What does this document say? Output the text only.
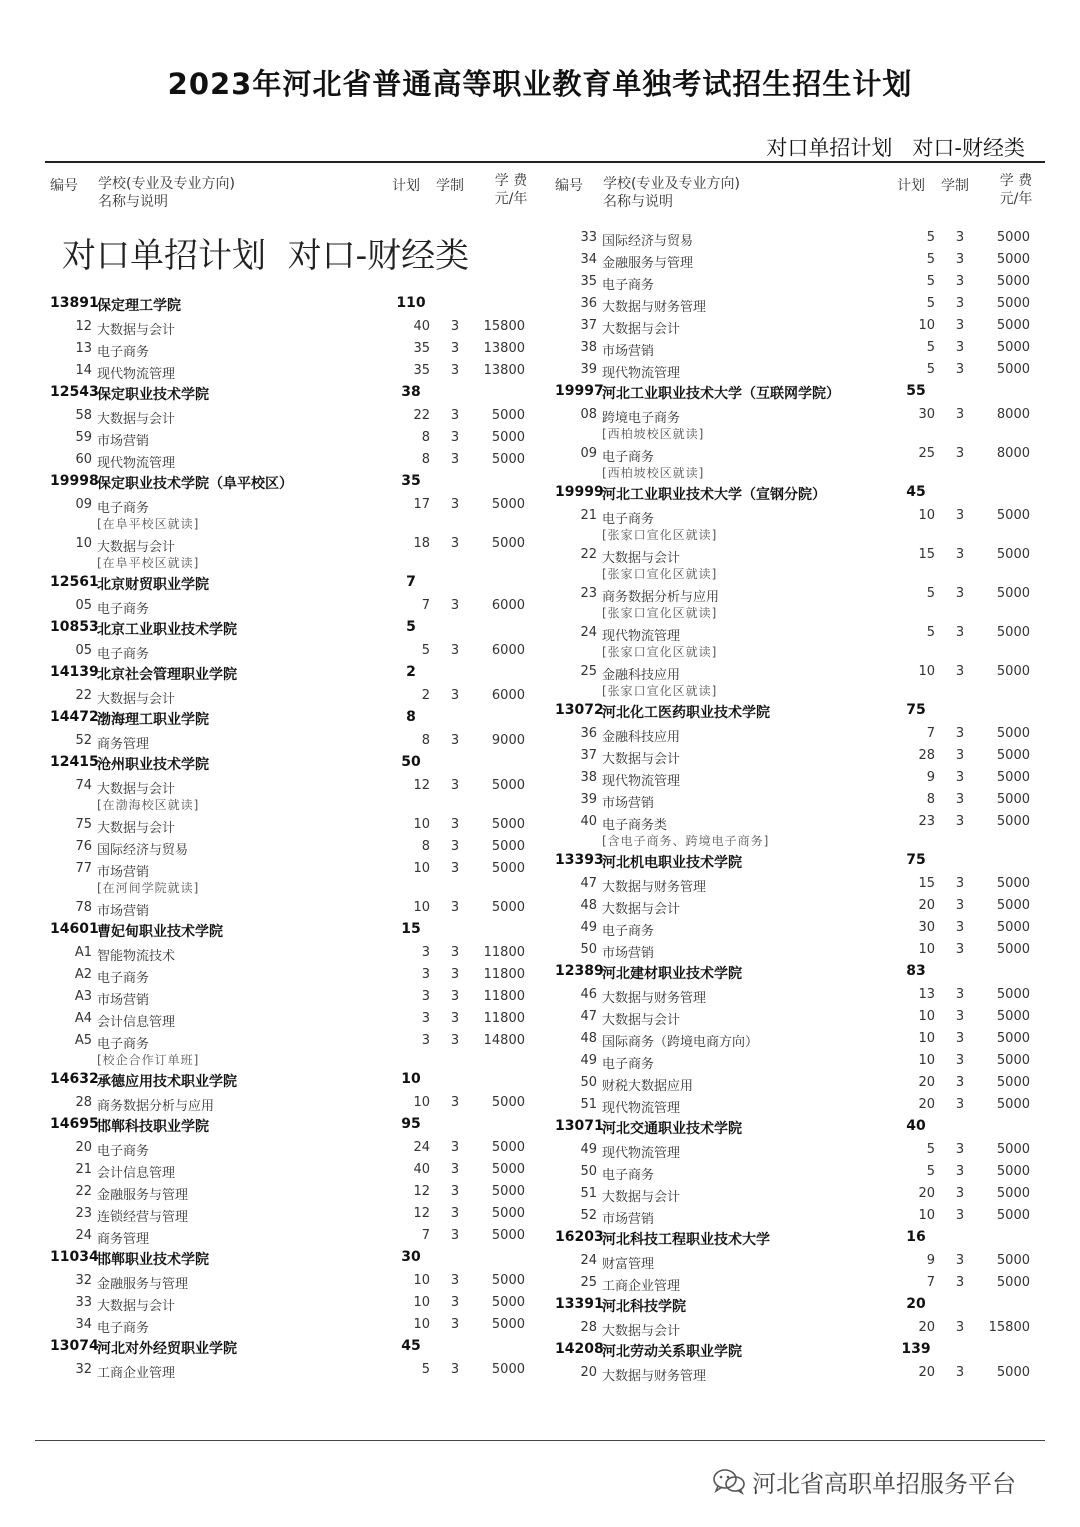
2023年河北省普通高等职业教育单独考试招生招生计划
对口单招计划   对口-财经类
编号 学校(专业及专业方向)
名称与说明
计划 学制	学 费
元/年
对口单招计划  对口-财经类
13891
保定理工学院	110
12 大数据与会计	40 3	15800
13 电子商务	35 3	13800
14 现代物流管理	35 3	13800
12543
保定职业技术学院	38
58 大数据与会计	22 3	5000
59 市场营销	8 3	5000
60 现代物流管理	8 3	5000
19998
保定职业技术学院（阜平校区）	35
09 电子商务	17 3	5000
[在阜平校区就读]
10 大数据与会计	18 3	5000
[在阜平校区就读]
12561
北京财贸职业学院	7
05 电子商务	7 3	6000
10853
北京工业职业技术学院	5
05 电子商务	5 3	6000
14139
北京社会管理职业学院	2
22 大数据与会计	2 3	6000
14472
渤海理工职业学院	8
52 商务管理	8 3	9000
12415
沧州职业技术学院	50
74 大数据与会计	12 3	5000
[在渤海校区就读]
75 大数据与会计	10 3	5000
76 国际经济与贸易	8 3	5000
77 市场营销	10 3	5000
[在河间学院就读]
78 市场营销	10 3	5000
14601
曹妃甸职业技术学院	15
A1 智能物流技术	3 3	11800
A2 电子商务	3 3	11800
A3 市场营销	3 3	11800
A4 会计信息管理	3 3	11800
A5 电子商务	3 3	14800
[校企合作订单班]
14632
承德应用技术职业学院	10
28 商务数据分析与应用	10 3	5000
14695
邯郸科技职业学院	95
20 电子商务	24 3	5000
21 会计信息管理	40 3	5000
22 金融服务与管理	12 3	5000
23 连锁经营与管理	12 3	5000
24 商务管理	7 3	5000
11034
邯郸职业技术学院	30
32 金融服务与管理	10 3	5000
33 大数据与会计	10 3	5000
34 电子商务	10 3	5000
13074
河北对外经贸职业学院	45
32 工商企业管理	5 3	5000
编号 学校(专业及专业方向)
名称与说明
计划 学制	学 费
元/年
33 国际经济与贸易	5 3	5000
34 金融服务与管理	5 3	5000
35 电子商务	5 3	5000
36 大数据与财务管理	5 3	5000
37 大数据与会计	10 3	5000
38 市场营销	5 3	5000
39 现代物流管理	5 3	5000
19997
河北工业职业技术大学（互联网学院）	55
08 跨境电子商务	30 3	8000
[西柏坡校区就读]
09 电子商务	25 3	8000
[西柏坡校区就读]
19999
河北工业职业技术大学（宣钢分院）	45
21 电子商务	10 3	5000
[张家口宣化区就读]
22 大数据与会计	15 3	5000
[张家口宣化区就读]
23 商务数据分析与应用	5 3	5000
[张家口宣化区就读]
24 现代物流管理	5 3	5000
[张家口宣化区就读]
25 金融科技应用	10 3	5000
[张家口宣化区就读]
13072
河北化工医药职业技术学院	75
36 金融科技应用	7 3	5000
37 大数据与会计	28 3	5000
38 现代物流管理	9 3	5000
39 市场营销	8 3	5000
40 电子商务类	23 3	5000
[含电子商务、跨境电子商务]
13393
河北机电职业技术学院	75
47 大数据与财务管理	15 3	5000
48 大数据与会计	20 3	5000
49 电子商务	30 3	5000
50 市场营销	10 3	5000
12389
河北建材职业技术学院	83
46 大数据与财务管理	13 3	5000
47 大数据与会计	10 3	5000
48 国际商务（跨境电商方向）	10 3	5000
49 电子商务	10 3	5000
50 财税大数据应用	20 3	5000
51 现代物流管理	20 3	5000
13071
河北交通职业技术学院	40
49 现代物流管理	5 3	5000
50 电子商务	5 3	5000
51 大数据与会计	20 3	5000
52 市场营销	10 3	5000
16203
河北科技工程职业技术大学	16
24 财富管理	9 3	5000
25 工商企业管理	7 3	5000
13391
河北科技学院	20
28 大数据与会计	20 3	15800
14208
河北劳动关系职业学院	139
20 大数据与财务管理	20 3	5000
河北省高职单招服务平台
